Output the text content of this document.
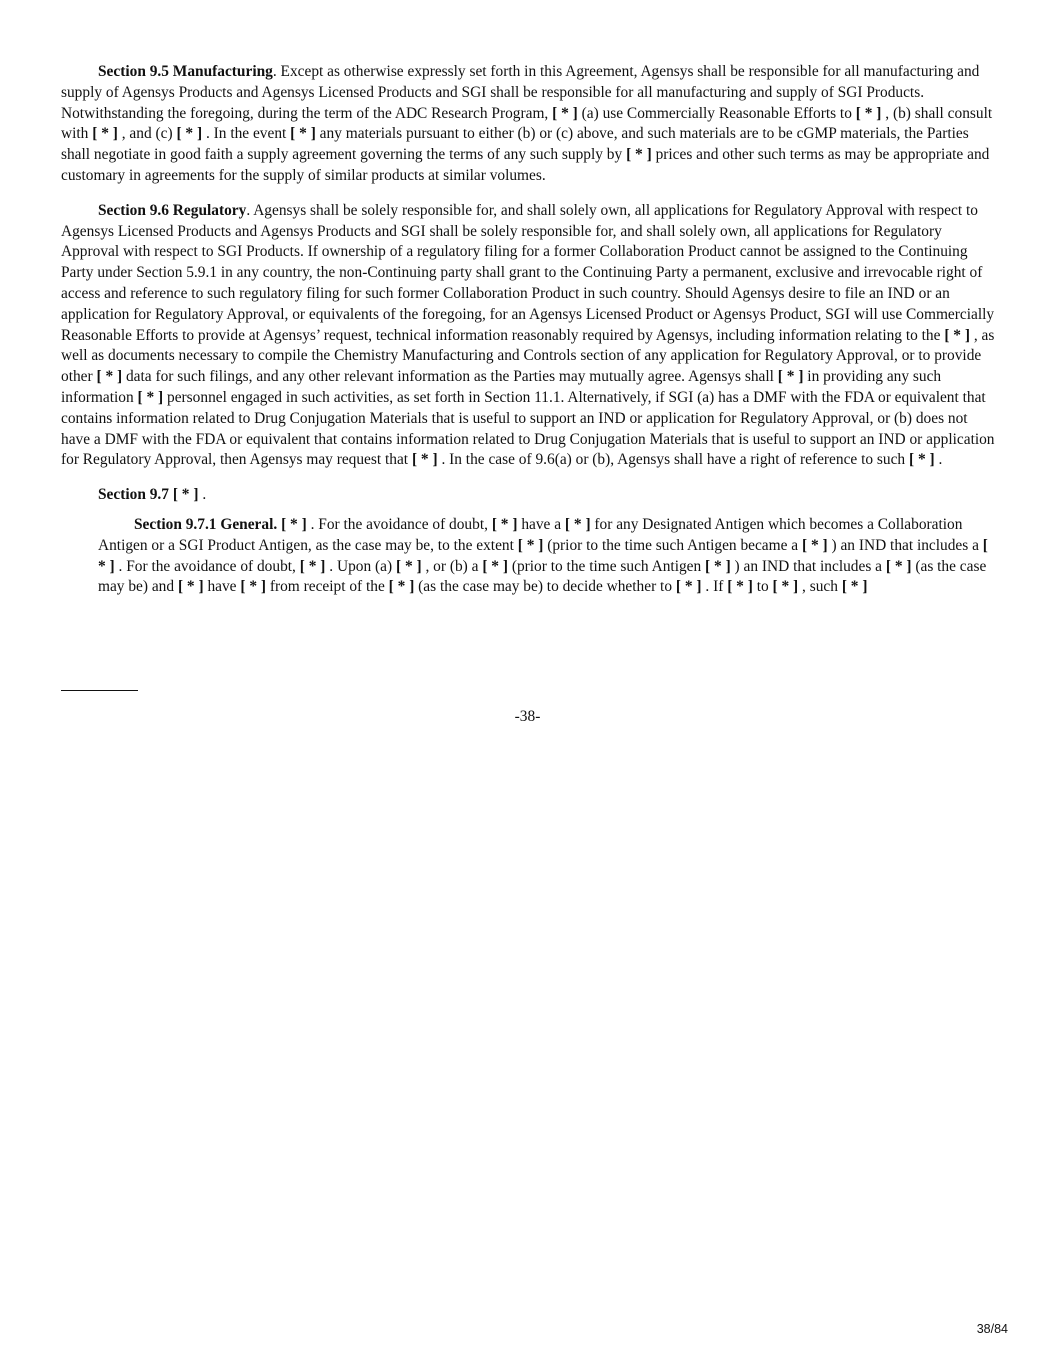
Section 9.5 Manufacturing. Except as otherwise expressly set forth in this Agreement, Agensys shall be responsible for all manufacturing and supply of Agensys Products and Agensys Licensed Products and SGI shall be responsible for all manufacturing and supply of SGI Products. Notwithstanding the foregoing, during the term of the ADC Research Program, [ * ] (a) use Commercially Reasonable Efforts to [ * ] , (b) shall consult with [ * ] , and (c) [ * ] . In the event [ * ] any materials pursuant to either (b) or (c) above, and such materials are to be cGMP materials, the Parties shall negotiate in good faith a supply agreement governing the terms of any such supply by [ * ] prices and other such terms as may be appropriate and customary in agreements for the supply of similar products at similar volumes.

Section 9.6 Regulatory. Agensys shall be solely responsible for, and shall solely own, all applications for Regulatory Approval with respect to Agensys Licensed Products and Agensys Products and SGI shall be solely responsible for, and shall solely own, all applications for Regulatory Approval with respect to SGI Products. If ownership of a regulatory filing for a former Collaboration Product cannot be assigned to the Continuing Party under Section 5.9.1 in any country, the non-Continuing party shall grant to the Continuing Party a permanent, exclusive and irrevocable right of access and reference to such regulatory filing for such former Collaboration Product in such country. Should Agensys desire to file an IND or an application for Regulatory Approval, or equivalents of the foregoing, for an Agensys Licensed Product or Agensys Product, SGI will use Commercially Reasonable Efforts to provide at Agensys’ request, technical information reasonably required by Agensys, including information relating to the [ * ] , as well as documents necessary to compile the Chemistry Manufacturing and Controls section of any application for Regulatory Approval, or to provide other [ * ] data for such filings, and any other relevant information as the Parties may mutually agree. Agensys shall [ * ] in providing any such information [ * ] personnel engaged in such activities, as set forth in Section 11.1. Alternatively, if SGI (a) has a DMF with the FDA or equivalent that contains information related to Drug Conjugation Materials that is useful to support an IND or application for Regulatory Approval, or (b) does not have a DMF with the FDA or equivalent that contains information related to Drug Conjugation Materials that is useful to support an IND or application for Regulatory Approval, then Agensys may request that [ * ] . In the case of 9.6(a) or (b), Agensys shall have a right of reference to such [ * ] .

Section 9.7 [ * ] .

Section 9.7.1 General. [ * ] . For the avoidance of doubt, [ * ] have a [ * ] for any Designated Antigen which becomes a Collaboration Antigen or a SGI Product Antigen, as the case may be, to the extent [ * ] (prior to the time such Antigen became a [ * ] ) an IND that includes a [ * ] . For the avoidance of doubt, [ * ] . Upon (a) [ * ] , or (b) a [ * ] (prior to the time such Antigen [ * ] ) an IND that includes a [ * ] (as the case may be) and [ * ] have [ * ] from receipt of the [ * ] (as the case may be) to decide whether to [ * ] . If [ * ] to [ * ] , such [ * ]

-38-
38/84
